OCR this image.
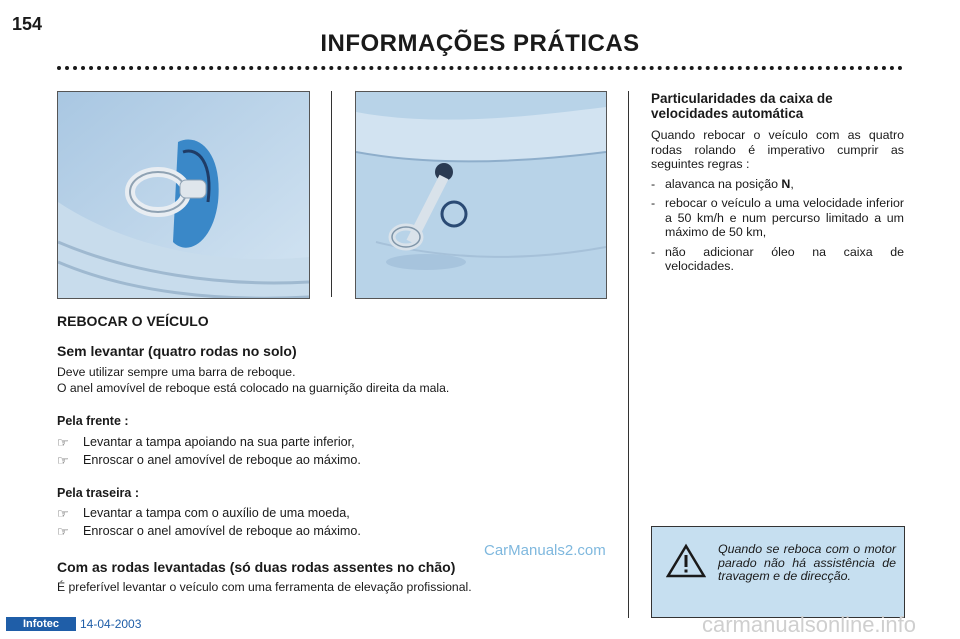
154
INFORMAÇÕES PRÁTICAS
REBOCAR O VEÍCULO
Sem levantar (quatro rodas no solo)
Deve utilizar sempre uma barra de reboque.
O anel amovível de reboque está colocado na guarnição direita da mala.
Pela frente :
☞	Levantar a tampa apoiando na sua parte inferior,
☞	Enroscar o anel amovível de reboque ao máximo.
Pela traseira :
☞	Levantar a tampa com o auxílio de uma moeda,
☞	Enroscar o anel amovível de reboque ao máximo.
Com as rodas levantadas (só duas rodas assentes no chão)
É preferível levantar o veículo com uma ferramenta de elevação profissional.
CarManuals2.com
Particularidades da caixa de
velocidades automática

Quando rebocar o veículo com as quatro rodas rolando é imperativo cumprir as seguintes regras :

- alavanca na posição N,
- rebocar o veículo a uma velocidade inferior a 50 km/h e num percurso limitado a um máximo de 50 km,
- não adicionar óleo na caixa de velocidades.
Quando se reboca com o motor parado não há assistência de travagem e de direcção.
Infotec	14-04-2003	carmanualsonline.info
